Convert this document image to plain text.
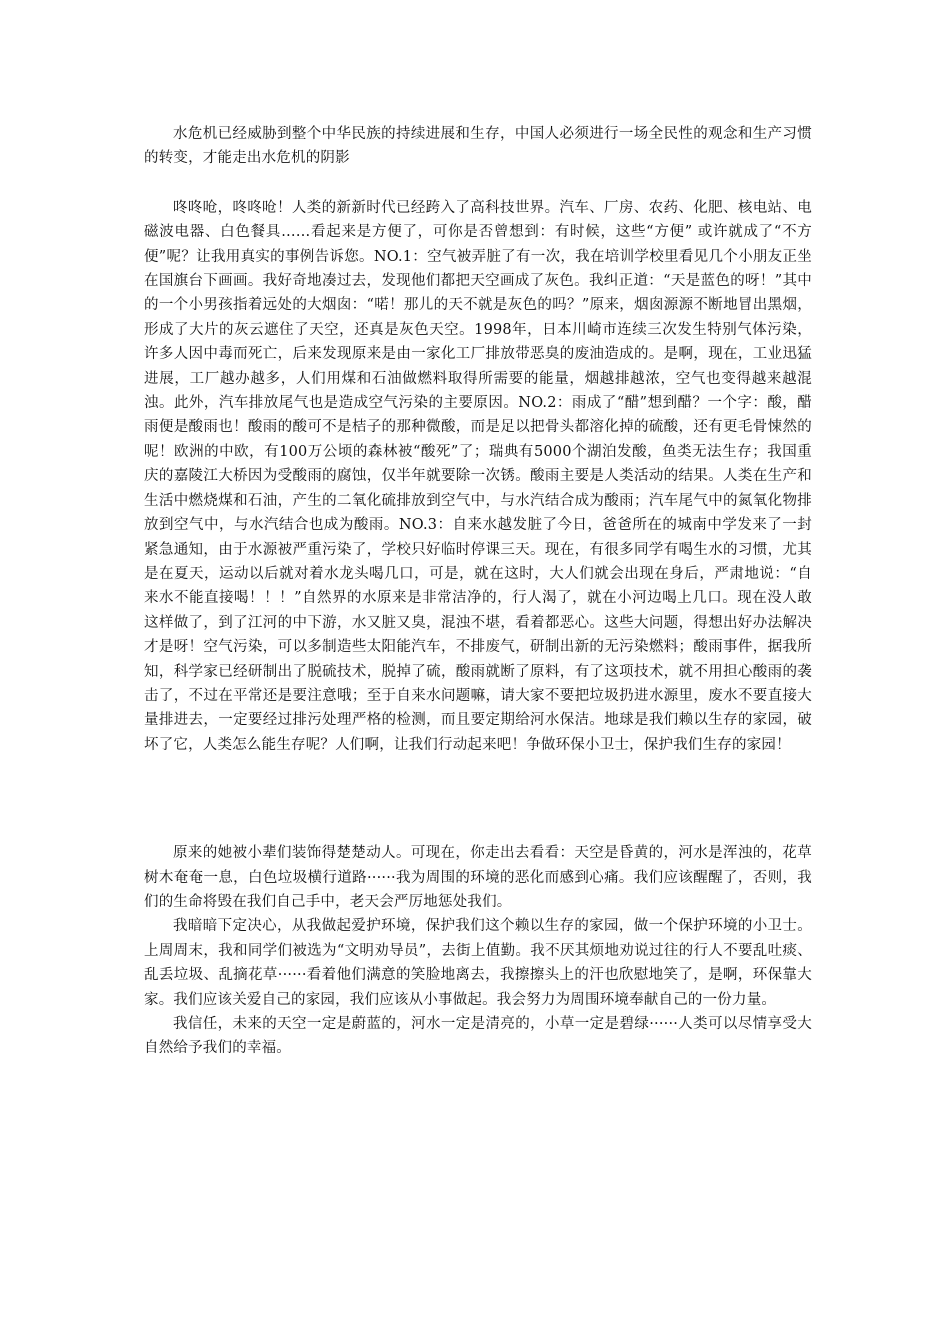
水危机已经威胁到整个中华民族的持续进展和生存，中国人必须进行一场全民性的观念和生产习惯的转变，才能走出水危机的阴影

咚咚呛，咚咚呛！人类的新新时代已经跨入了高科技世界。汽车、厂房、农药、化肥、核电站、电磁波电器、白色餐具……看起来是方便了，可你是否曾想到：有时候，这些“方便” 或许就成了“不方便”呢？让我用真实的事例告诉您。NO.1：空气被弄脏了有一次，我在培训学校里看见几个小朋友正坐在国旗台下画画。我好奇地凑过去，发现他们都把天空画成了灰色。我纠正道：“天是蓝色的呀！”其中的一个小男孩指着远处的大烟囱：“喏！那儿的天不就是灰色的吗？”原来，烟囱源源不断地冒出黑烟，形成了大片的灰云遮住了天空，还真是灰色天空。1998年，日本川崎市连续三次发生特别气体污染，许多人因中毒而死亡，后来发现原来是由一家化工厂排放带恶臭的废油造成的。是啊，现在，工业迅猛进展，工厂越办越多，人们用煤和石油做燃料取得所需要的能量，烟越排越浓，空气也变得越来越混浊。此外，汽车排放尾气也是造成空气污染的主要原因。NO.2：雨成了“醋”想到醋？一个字：酸，醋雨便是酸雨也！酸雨的酸可不是桔子的那种微酸，而是足以把骨头都溶化掉的硫酸，还有更毛骨悚然的呢！欧洲的中欧，有100万公顷的森林被“酸死”了；瑞典有5000个湖泊发酸，鱼类无法生存；我国重庆的嘉陵江大桥因为受酸雨的腐蚀，仅半年就要除一次锈。酸雨主要是人类活动的结果。人类在生产和生活中燃烧煤和石油，产生的二氧化硫排放到空气中，与水汽结合成为酸雨；汽车尾气中的氮氧化物排放到空气中，与水汽结合也成为酸雨。NO.3：自来水越发脏了今日，爸爸所在的城南中学发来了一封紧急通知，由于水源被严重污染了，学校只好临时停课三天。现在，有很多同学有喝生水的习惯，尤其是在夏天，运动以后就对着水龙头喝几口，可是，就在这时，大人们就会出现在身后，严肃地说：“自来水不能直接喝！！！”自然界的水原来是非常洁净的，行人渴了，就在小河边喝上几口。现在没人敢这样做了，到了江河的中下游，水又脏又臭，混浊不堪，看着都恶心。这些大问题，得想出好办法解决才是呀！空气污染，可以多制造些太阳能汽车，不排废气，研制出新的无污染燃料；酸雨事件，据我所知，科学家已经研制出了脱硫技术，脱掉了硫，酸雨就断了原料，有了这项技术，就不用担心酸雨的袭击了，不过在平常还是要注意哦；至于自来水问题嘛，请大家不要把垃圾扔进水源里，废水不要直接大量排进去，一定要经过排污处理严格的检测，而且要定期给河水保洁。地球是我们赖以生存的家园，破坏了它，人类怎么能生存呢？人们啊，让我们行动起来吧！争做环保小卫士，保护我们生存的家园！

原来的她被小辈们装饰得楚楚动人。可现在，你走出去看看：天空是昏黄的，河水是浑浊的，花草树木奄奄一息，白色垃圾横行道路······我为周围的环境的恶化而感到心痛。我们应该醒醒了，否则，我们的生命将毁在我们自己手中，老天会严厉地惩处我们。

我暗暗下定决心，从我做起爱护环境，保护我们这个赖以生存的家园，做一个保护环境的小卫士。上周周末，我和同学们被选为“文明劝导员”，去街上值勤。我不厌其烦地劝说过往的行人不要乱吐痰、乱丢垃圾、乱摘花草······看着他们满意的笑脸地离去，我擦擦头上的汗也欣慰地笑了，是啊，环保靠大家。我们应该关爱自己的家园，我们应该从小事做起。我会努力为周围环境奉献自己的一份力量。

我信任，未来的天空一定是蔚蓝的，河水一定是清亮的，小草一定是碧绿······人类可以尽情享受大自然给予我们的幸福。
